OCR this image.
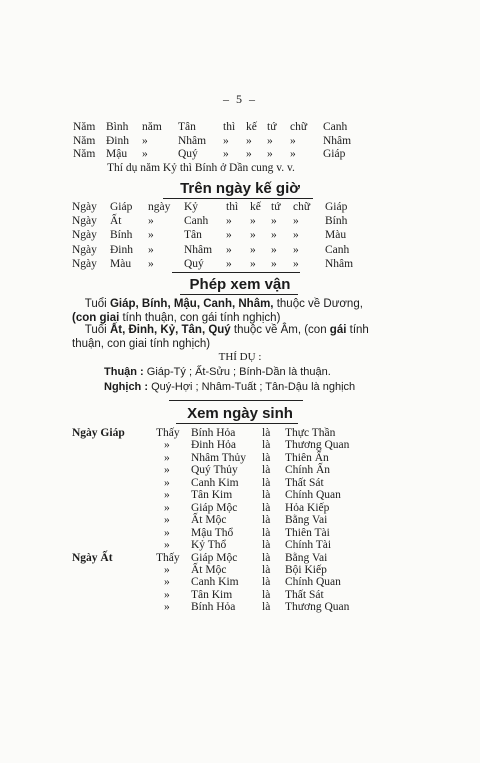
– 5 –
Năm Bình năm Tân thì kế tứ chữ Canh
Năm Đinh »	Nhâm » » » » Nhâm
Năm Mậu »	Quý » » » » Giáp
Thí dụ năm Kỷ thì Bính ở Dần cung v. v.
Trên ngày kế giờ
Ngày Giáp ngày Kỷ thì kế tứ chữ Giáp
Ngày Ất »	Canh » » » » Bính
Ngày Bính »	Tân » » » » Màu
Ngày Đinh »	Nhâm » » » » Canh
Ngày Màu »	Quý » » » » Nhâm
Phép xem vận
Tuổi Giáp, Bính, Mậu, Canh, Nhâm, thuộc về Dương,
(con giai tính thuận, con gái tính nghịch)
Tuổi Ất, Đinh, Kỷ, Tân, Quý thuộc về Âm, (con gái tính
thuận, con giai tính nghịch)
THÍ DỤ :
Thuận : Giáp-Tý ; Ất-Sửu ; Bính-Dần là thuận.
Nghịch : Quý-Hợi ; Nhâm-Tuất ; Tân-Dậu là nghịch
Xem ngày sinh
Ngày Giáp	Thấy Bính Hỏa là Thực Thần
» Đinh Hỏa là Thương Quan
» Nhâm Thủy là Thiên Ấn
» Quý Thủy là Chính Ấn
» Canh Kim là Thất Sát
» Tân Kim	là Chính Quan
» Giáp Mộc là Hỏa Kiếp
» Ất Mộc	là Bằng Vai
» Mậu Thổ là Thiên Tài
» Kỷ Thổ	là Chính Tài
Ngày Ất	Thấy Giáp Mộc là Bằng Vai
» Ất Mộc	là Bội Kiếp
» Canh Kim là Chính Quan
» Tân Kim	là Thất Sát
» Bính Hỏa là Thương Quan
